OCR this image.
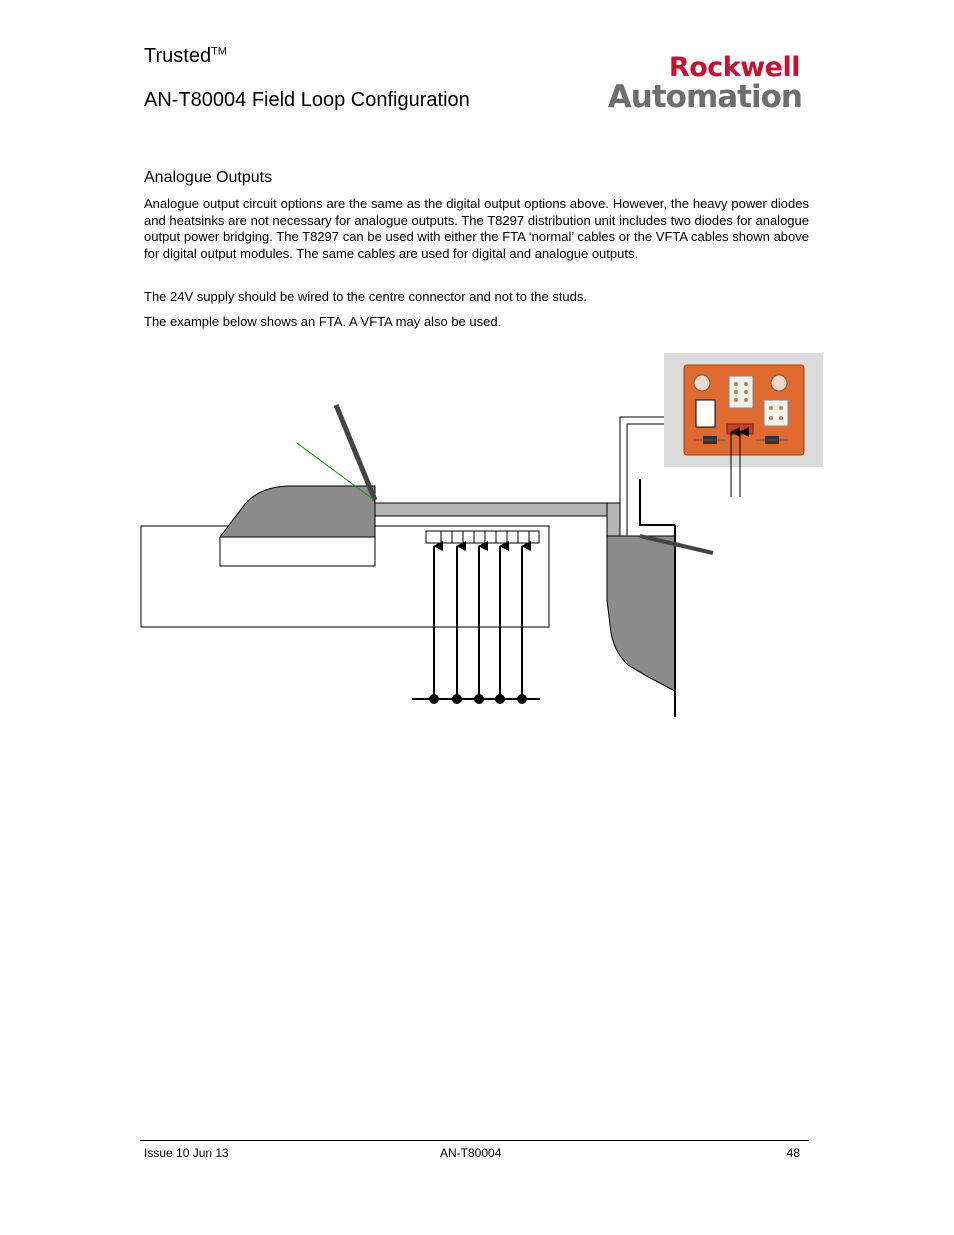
Trusted™
AN-T80004 Field Loop Configuration
Rockwell
Automation
Analogue Outputs
Analogue output circuit options are the same as the digital output options above. However, the heavy power diodes and heatsinks are not necessary for analogue outputs. The T8297 distribution unit includes two diodes for analogue output power bridging. The T8297 can be used with either the FTA ‘normal’ cables or the VFTA cables shown above for digital output modules. The same cables are used for digital and analogue outputs.
The 24V supply should be wired to the centre connector and not to the studs.
The example below shows an FTA. A VFTA may also be used.
Issue 10 Jun 13	AN-T80004	48
